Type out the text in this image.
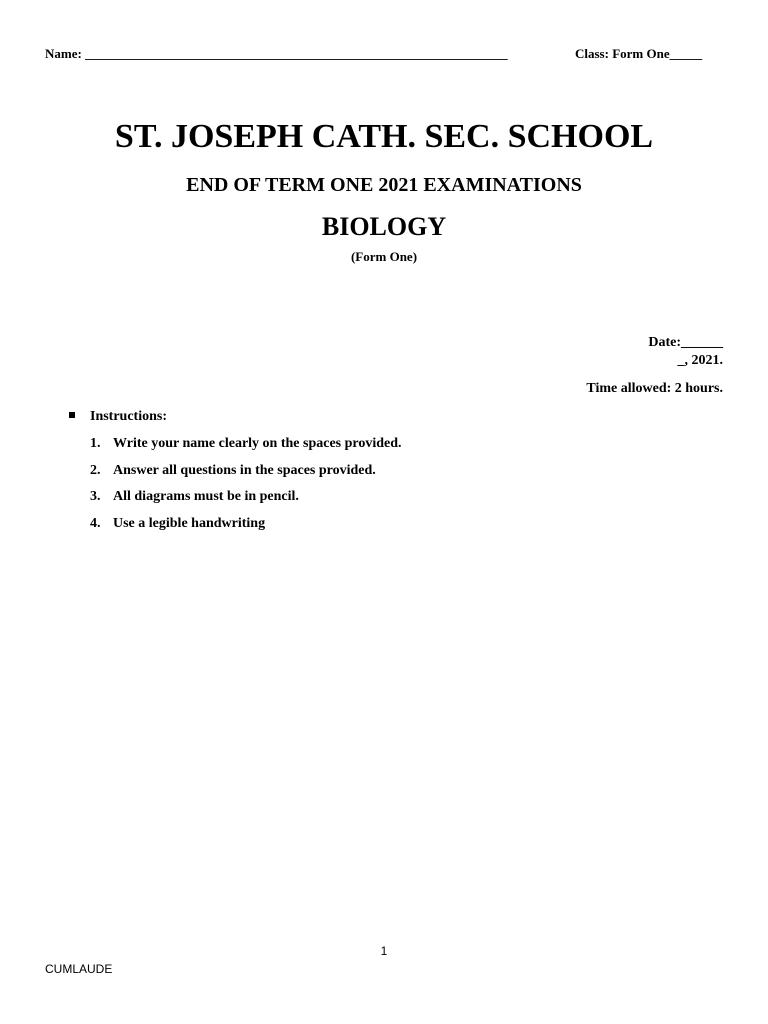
Name: _________________________________________________________________	Class: Form One_____
ST. JOSEPH CATH. SEC. SCHOOL
END OF TERM ONE 2021 EXAMINATIONS
BIOLOGY
(Form One)
Date:______
_, 2021.
Time allowed: 2 hours.
Instructions:
1. Write your name clearly on the spaces provided.
2. Answer all questions in the spaces provided.
3. All diagrams must be in pencil.
4. Use a legible handwriting
1
CUMLAUDE
